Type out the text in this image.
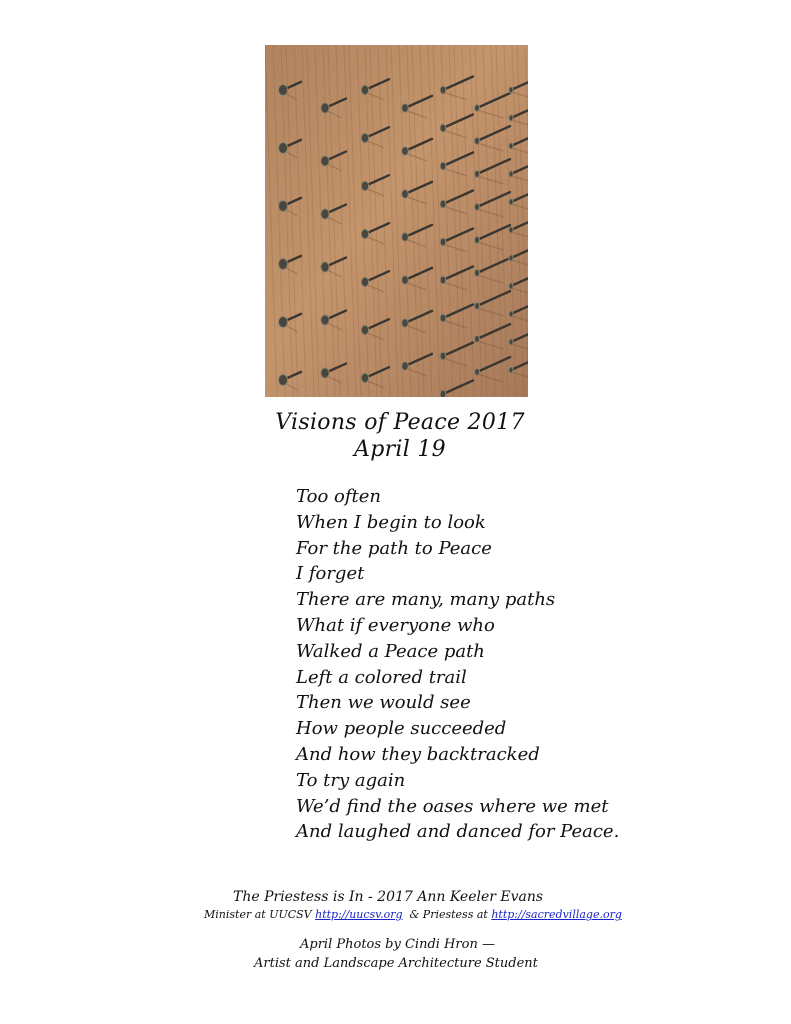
Visions of Peace 2017
April 19
Too often
When I begin to look
For the path to Peace
I forget
There are many, many paths
What if everyone who
Walked a Peace path
Left a colored trail
Then we would see
How people succeeded
And how they backtracked
To try again
We’d find the oases where we met
And laughed and danced for Peace.
The Priestess is In - 2017 Ann Keeler Evans
Minister at UUCSV http://uucsv.org  & Priestess at http://sacredvillage.org
April Photos by Cindi Hron —
Artist and Landscape Architecture Student
